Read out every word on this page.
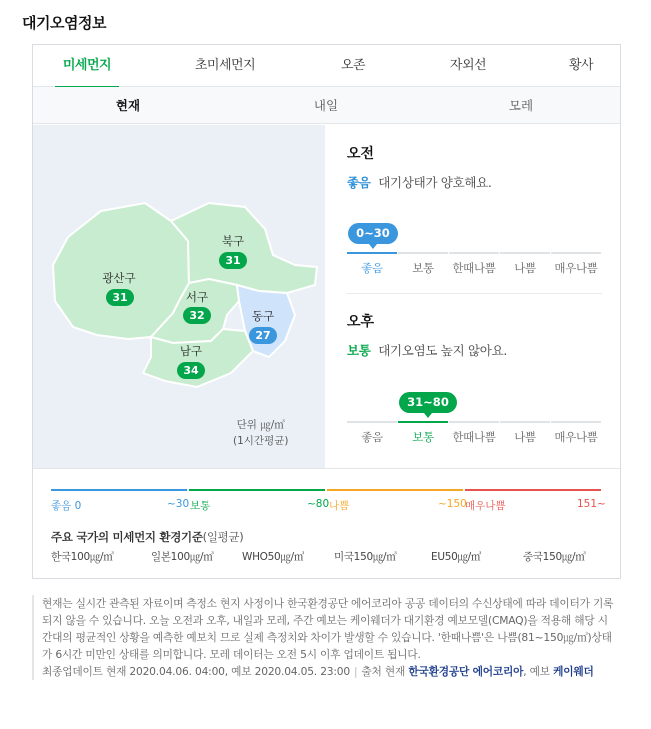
대기오염정보
미세먼지	초미세먼지	오존	자외선	황사
현재	내일	모레
광산구
31
북구
31
서구
32	동구
27
남구
34
단위 ㎍/㎥
(1시간평균)
오전
좋음 대기상태가 양호해요.
0~30
좋음	보통	한때나쁨	나쁨	매우나쁨
오후
보통 대기오염도 높지 않아요.
31~80
좋음	보통	한때나쁨	나쁨	매우나쁨
좋음 0	~30 보통	~80 나쁨	~150
매우나쁨	151~
주요 국가의 미세먼지 환경기준(일평균)
한국100㎍/㎥	일본100㎍/㎥	WHO50㎍/㎥	미국150㎍/㎥	EU50㎍/㎥	중국150㎍/㎥
현재는 실시간 관측된 자료이며 측정소 현지 사정이나 한국환경공단 에어코리아 공공 데이터의 수신상태에 따라 데이터가 기록되지 않을 수 있습니다. 오늘 오전과 오후, 내일과 모레, 주간 예보는 케이웨더가 대기환경 예보모델(CMAQ)을 적용해 해당 시간대의 평균적인 상황을 예측한 예보치 므로 실제 측정치와 차이가 발생할 수 있습니다. '한때나쁨'은 나쁨(81~150㎍/㎥)상태가 6시간 미만인 상태를 의미합니다. 모레 데이터는 오전 5시 이후 업데이트 됩니다.
최종업데이트 현재 2020.04.06. 04:00, 예보 2020.04.05. 23:00 | 출처 현재 한국환경공단 에어코리아, 예보 케이웨더
